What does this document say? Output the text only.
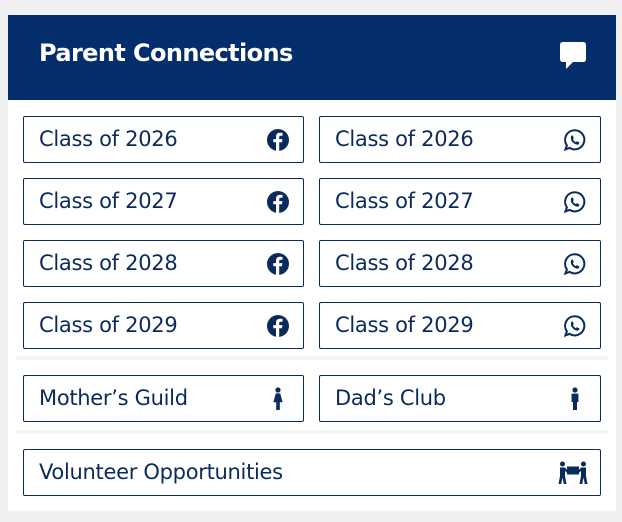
Parent Connections
Class of 2026	Class of 2026
Class of 2027	Class of 2027
Class of 2028	Class of 2028
Class of 2029	Class of 2029
Mother’s Guild	Dad’s Club
Volunteer Opportunities
